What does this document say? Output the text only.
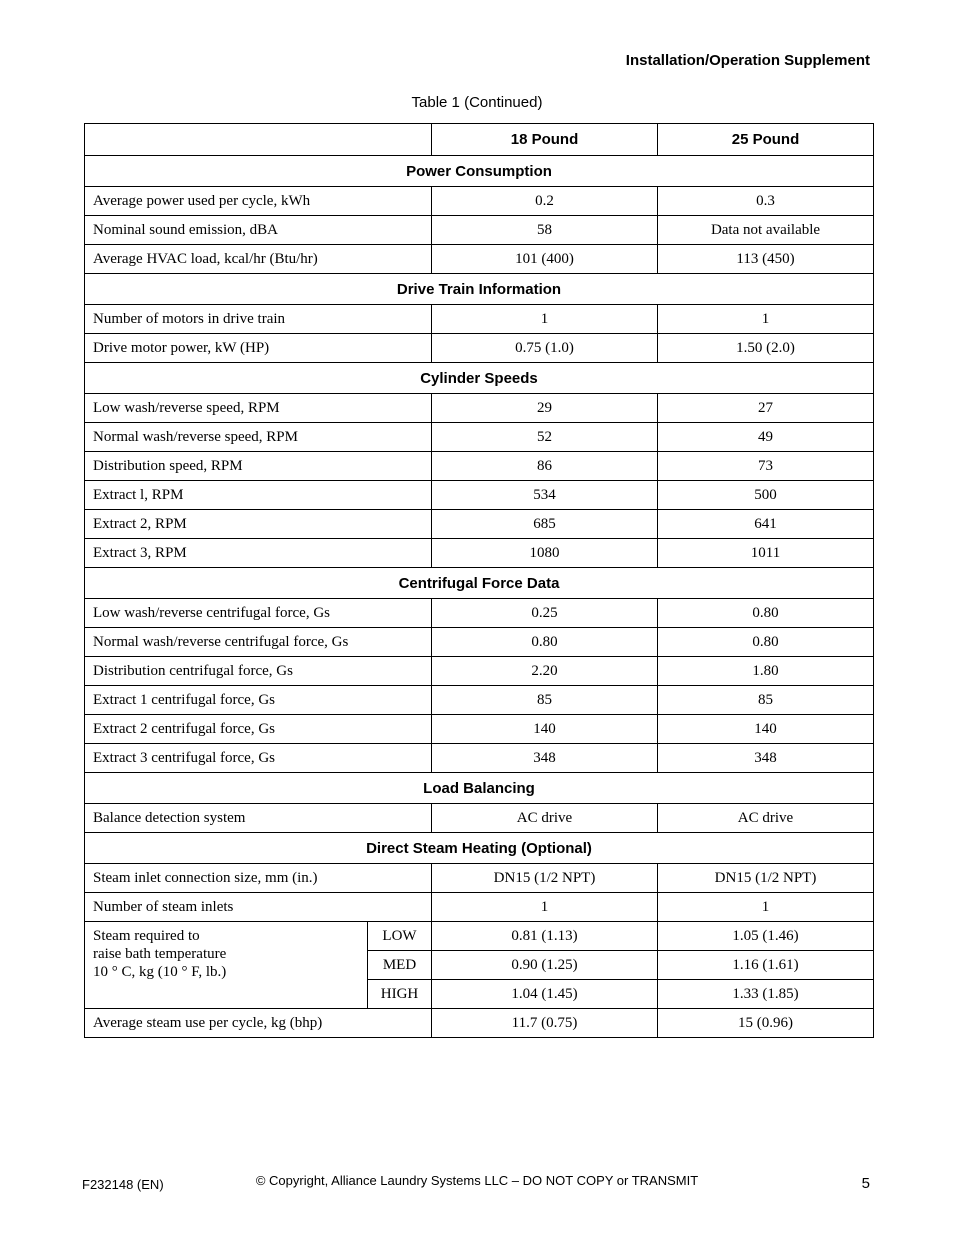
Installation/Operation Supplement
Table 1 (Continued)
		18 Pound	25 Pound
Power Consumption			
Average power used per cycle, kWh		0.2	0.3
Nominal sound emission, dBA		58	Data not available
Average HVAC load, kcal/hr (Btu/hr)		101 (400)	113 (450)
Drive Train Information			
Number of motors in drive train		1	1
Drive motor power, kW (HP)		0.75 (1.0)	1.50 (2.0)
Cylinder Speeds			
Low wash/reverse speed, RPM		29	27
Normal wash/reverse speed, RPM		52	49
Distribution speed, RPM		86	73
Extract l, RPM		534	500
Extract 2, RPM		685	641
Extract 3, RPM		1080	1011
Centrifugal Force Data			
Low wash/reverse centrifugal force, Gs		0.25	0.80
Normal wash/reverse centrifugal force, Gs		0.80	0.80
Distribution centrifugal force, Gs		2.20	1.80
Extract 1 centrifugal force, Gs		85	85
Extract 2 centrifugal force, Gs		140	140
Extract 3 centrifugal force, Gs		348	348
Load Balancing			
Balance detection system		AC drive	AC drive
Direct Steam Heating (Optional)			
Steam inlet connection size, mm (in.)		DN15 (1/2 NPT)	DN15 (1/2 NPT)
Number of steam inlets		1	1

Steam required to
raise bath temperature
10 ° C, kg (10 ° F, lb.)	LOW	0.81 (1.13)	1.05 (1.46)
	MED	0.90 (1.25)	1.16 (1.61)
	HIGH	1.04 (1.45)	1.33 (1.85)
Average steam use per cycle, kg (bhp)		11.7 (0.75)	15 (0.96)
F232148 (EN)	© Copyright, Alliance Laundry Systems LLC – DO NOT COPY or TRANSMIT	5
